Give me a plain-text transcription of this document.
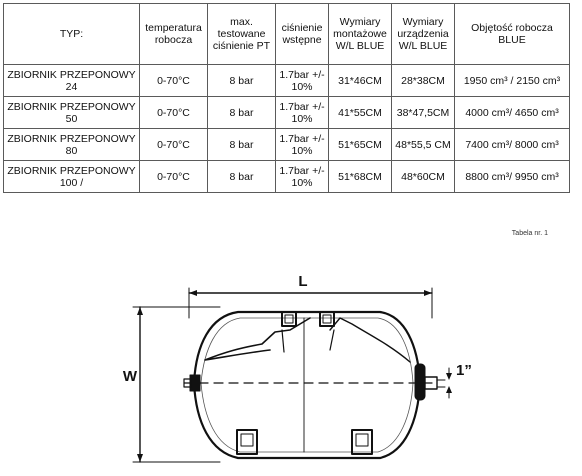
TYP:	temperatura robocza	max. testowane ciśnienie PT	ciśnienie wstępne	Wymiary montażowe W/L BLUE	Wymiary urządzenia W/L BLUE	Objętość robocza BLUE
ZBIORNIK PRZEPONOWY 24	0-70°C	8 bar	1.7bar +/- 10%	31*46CM	28*38CM	1950 cm³ / 2150 cm³
ZBIORNIK PRZEPONOWY 50	0-70°C	8 bar	1.7bar +/- 10%	41*55CM	38*47,5CM	4000 cm³/ 4650 cm³
ZBIORNIK PRZEPONOWY 80	0-70°C	8 bar	1.7bar +/- 10%	51*65CM	48*55,5 CM	7400 cm³/ 8000 cm³
ZBIORNIK PRZEPONOWY 100 /	0-70°C	8 bar	1.7bar +/- 10%	51*68CM	48*60CM	8800 cm³/ 9950 cm³
Tabela nr. 1
L
W	1”
